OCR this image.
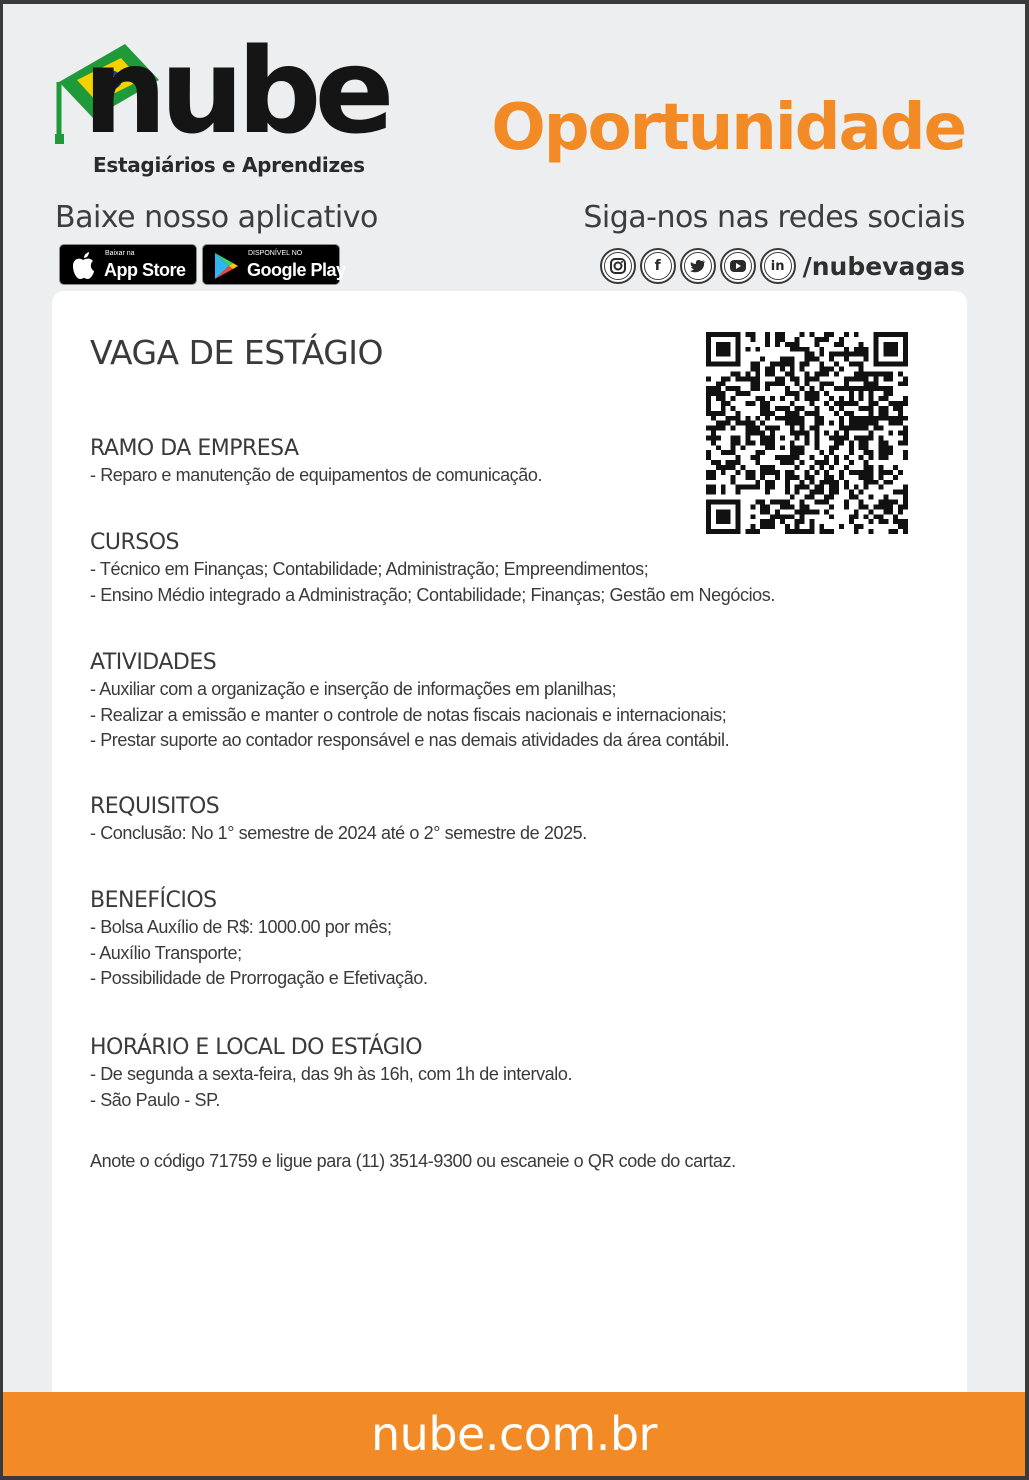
nube
Estagiários e Aprendizes Oportunidade
Baixe nosso aplicativo	Siga-nos nas redes sociais
Baixar na
App Store
DISPONÍVEL NO
Google Play	f	in /nubevagas
VAGA DE ESTÁGIO
RAMO DA EMPRESA
- Reparo e manutenção de equipamentos de comunicação.
CURSOS
- Técnico em Finanças; Contabilidade; Administração; Empreendimentos;
- Ensino Médio integrado a Administração; Contabilidade; Finanças; Gestão em Negócios.
ATIVIDADES
- Auxiliar com a organização e inserção de informações em planilhas;
- Realizar a emissão e manter o controle de notas fiscais nacionais e internacionais;
- Prestar suporte ao contador responsável e nas demais atividades da área contábil.
REQUISITOS
- Conclusão: No 1° semestre de 2024 até o 2° semestre de 2025.
BENEFÍCIOS
- Bolsa Auxílio de R$: 1000.00 por mês;
- Auxílio Transporte;
- Possibilidade de Prorrogação e Efetivação.
HORÁRIO E LOCAL DO ESTÁGIO
- De segunda a sexta-feira, das 9h às 16h, com 1h de intervalo.
- São Paulo - SP.
Anote o código 71759 e ligue para (11) 3514-9300 ou escaneie o QR code do cartaz.
nube.com.br
